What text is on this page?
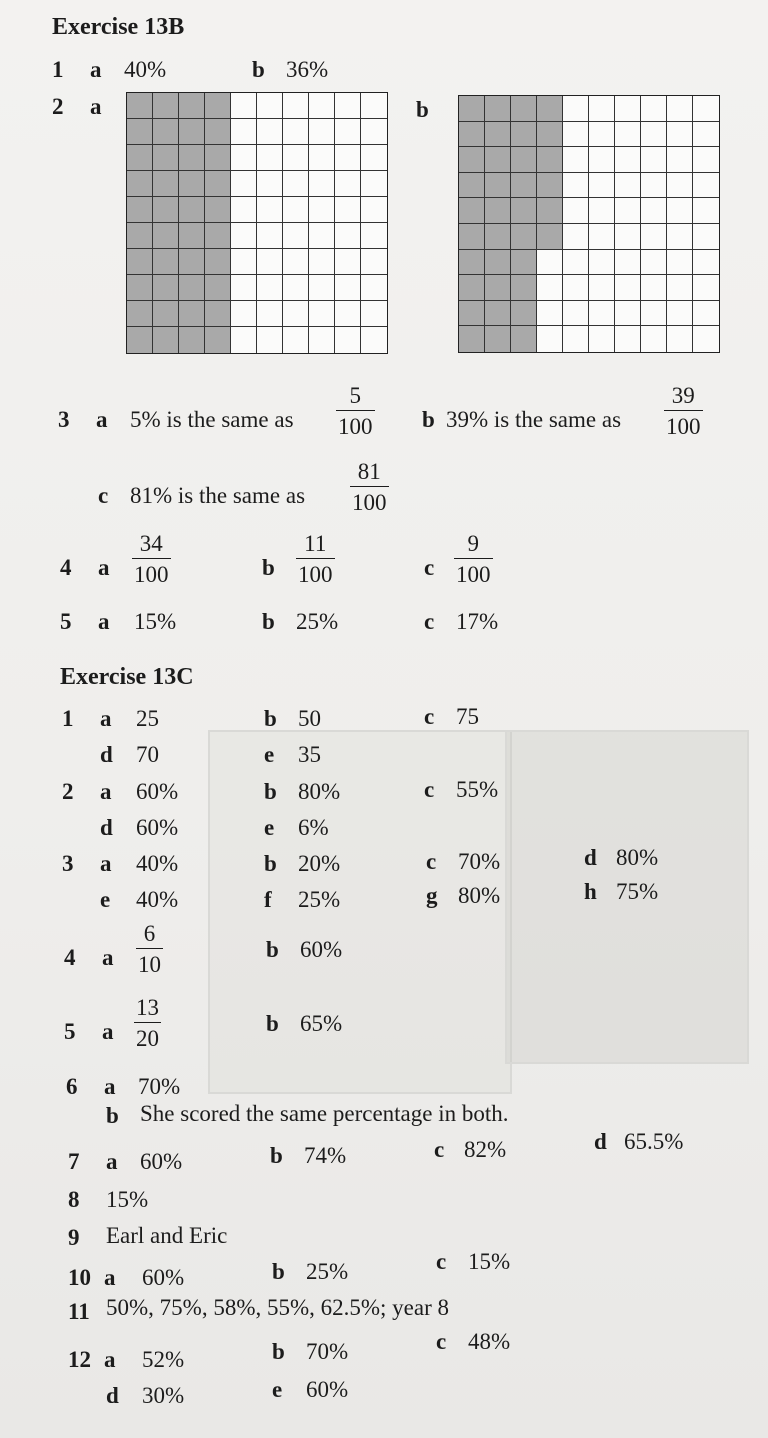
Exercise 13B
1 a 40%	b 36%
2 a	b
3 a 5% is the same as $\frac{5}{100}$ b 39% is the same as $\frac{39}{100}$
c 81% is the same as $\frac{81}{100}$
4 a $\frac{34}{100}$	b $\frac{11}{100}$	c $\frac{9}{100}$
5 a 15%	b 25%	c 17%
Exercise 13C
1 a 25	b 50	c 75
d 70	e 35
2 a 60%	b 80%	c 55%
d 60%	e 6%
3 a 40%	b 20%	c 70%	d 80%
e 40%	f 25%	g 80%	h 75%
4 a $\frac{6}{10}$	b 60%
5 a $\frac{13}{20}$	b 65%
6 a 70%
b She scored the same percentage in both.
7 a 60%	b 74%	c 82%	d 65.5%
8 15%
9 Earl and Eric
10 a 60%	b 25%	c 15%
11 50%, 75%, 58%, 55%, 62.5%; year 8
12 a 52%	b 70%	c 48%
d 30%	e 60%
